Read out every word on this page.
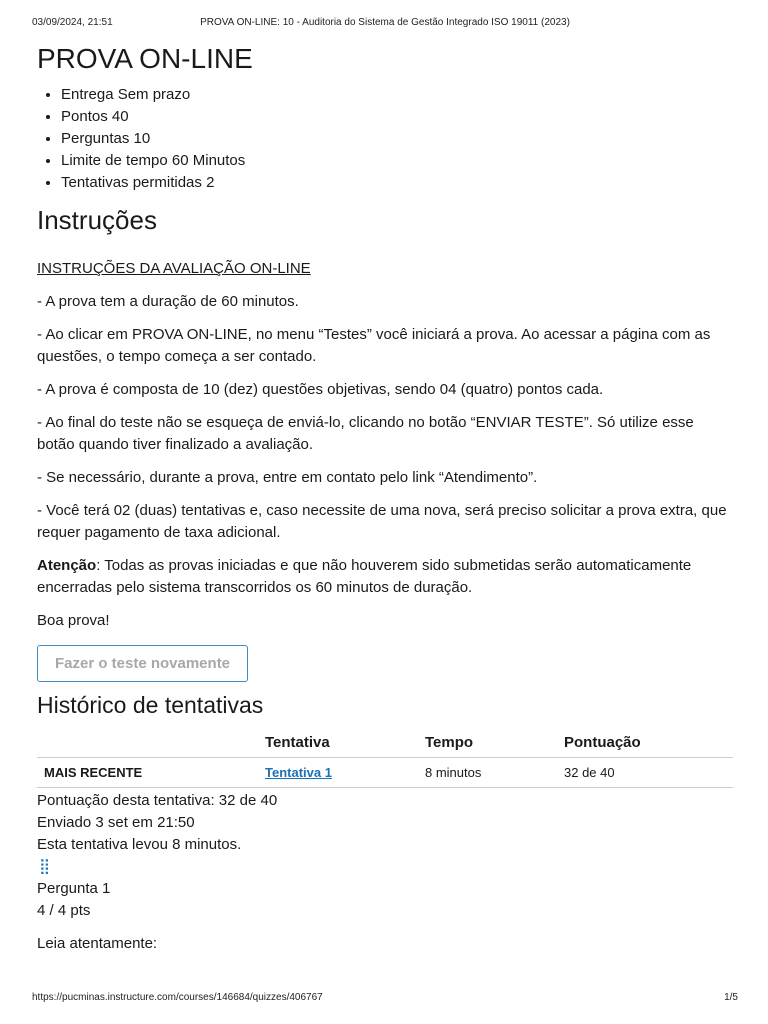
03/09/2024, 21:51	PROVA ON-LINE: 10 - Auditoria do Sistema de Gestão Integrado ISO 19011 (2023)
PROVA ON-LINE
• Entrega Sem prazo
• Pontos 40
• Perguntas 10
• Limite de tempo 60 Minutos
• Tentativas permitidas 2
Instruções

INSTRUÇÕES DA AVALIAÇÃO ON-LINE

- A prova tem a duração de 60 minutos.

- Ao clicar em PROVA ON-LINE, no menu “Testes” você iniciará a prova. Ao acessar a página com as questões, o tempo começa a ser contado.

- A prova é composta de 10 (dez) questões objetivas, sendo 04 (quatro) pontos cada.

- Ao final do teste não se esqueça de enviá-lo, clicando no botão “ENVIAR TESTE”. Só utilize esse botão quando tiver finalizado a avaliação.

- Se necessário, durante a prova, entre em contato pelo link “Atendimento”.

- Você terá 02 (duas) tentativas e, caso necessite de uma nova, será preciso solicitar a prova extra, que requer pagamento de taxa adicional.

Atenção: Todas as provas iniciadas e que não houverem sido submetidas serão automaticamente encerradas pelo sistema transcorridos os 60 minutos de duração.

Boa prova!

Fazer o teste novamente
Histórico de tentativas
	Tentativa	Tempo	Pontuação
MAIS RECENTE	Tentativa 1	8 minutos	32 de 40
Pontuação desta tentativa: 32 de 40
Enviado 3 set em 21:50
Esta tentativa levou 8 minutos.
⣿
Pergunta 1
4 / 4 pts
Leia atentamente:
https://pucminas.instructure.com/courses/146684/quizzes/406767	1/5
